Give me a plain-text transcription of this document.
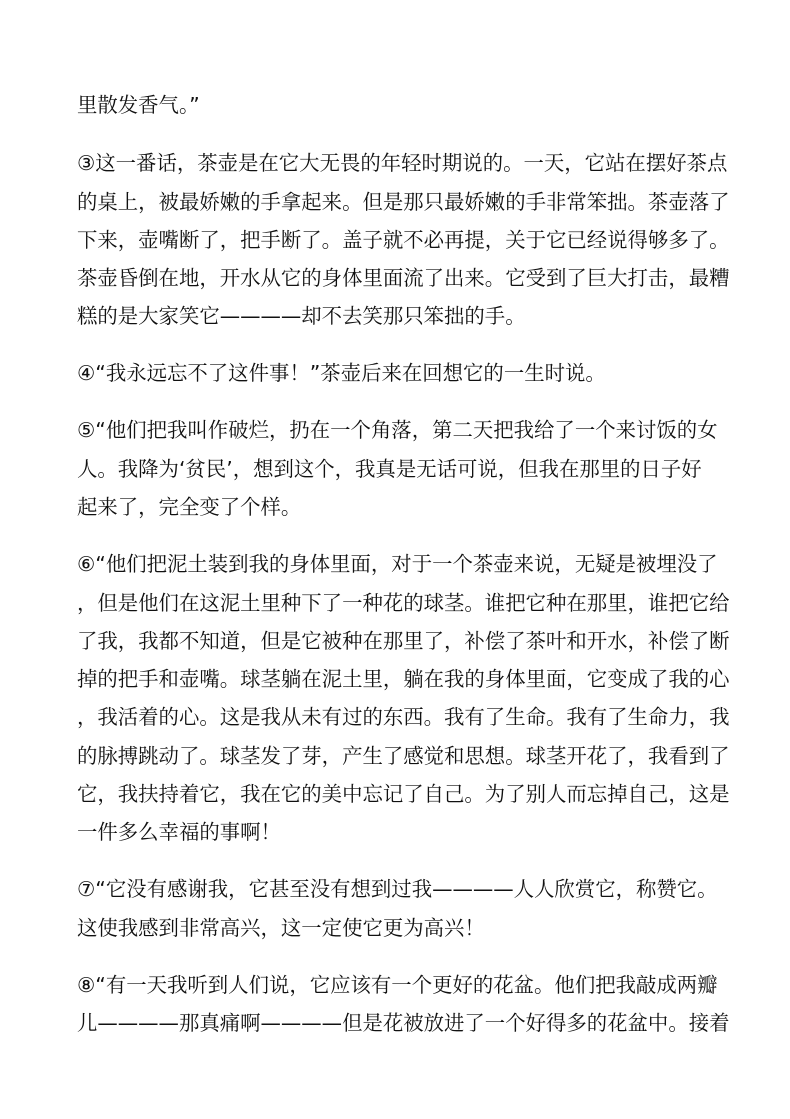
里散发香气。”
③这一番话，茶壶是在它大无畏的年轻时期说的。一天，它站在摆好茶点
的桌上，被最娇嫩的手拿起来。但是那只最娇嫩的手非常笨拙。茶壶落了
下来，壶嘴断了，把手断了。盖子就不必再提，关于它已经说得够多了。
茶壶昏倒在地，开水从它的身体里面流了出来。它受到了巨大打击，最糟
糕的是大家笑它————却不去笑那只笨拙的手。
④“我永远忘不了这件事！”茶壶后来在回想它的一生时说。
⑤“他们把我叫作破烂，扔在一个角落，第二天把我给了一个来讨饭的女
人。我降为‘贫民’，想到这个，我真是无话可说，但我在那里的日子好
起来了，完全变了个样。
⑥“他们把泥土装到我的身体里面，对于一个茶壶来说，无疑是被埋没了
，但是他们在这泥土里种下了一种花的球茎。谁把它种在那里，谁把它给
了我，我都不知道，但是它被种在那里了，补偿了茶叶和开水，补偿了断
掉的把手和壶嘴。球茎躺在泥土里，躺在我的身体里面，它变成了我的心
，我活着的心。这是我从未有过的东西。我有了生命。我有了生命力，我
的脉搏跳动了。球茎发了芽，产生了感觉和思想。球茎开花了，我看到了
它，我扶持着它，我在它的美中忘记了自己。为了别人而忘掉自己，这是
一件多么幸福的事啊！
⑦“它没有感谢我，它甚至没有想到过我————人人欣赏它，称赞它。
这使我感到非常高兴，这一定使它更为高兴！
⑧“有一天我听到人们说，它应该有一个更好的花盆。他们把我敲成两瓣
儿————那真痛啊————但是花被放进了一个好得多的花盆中。接着
